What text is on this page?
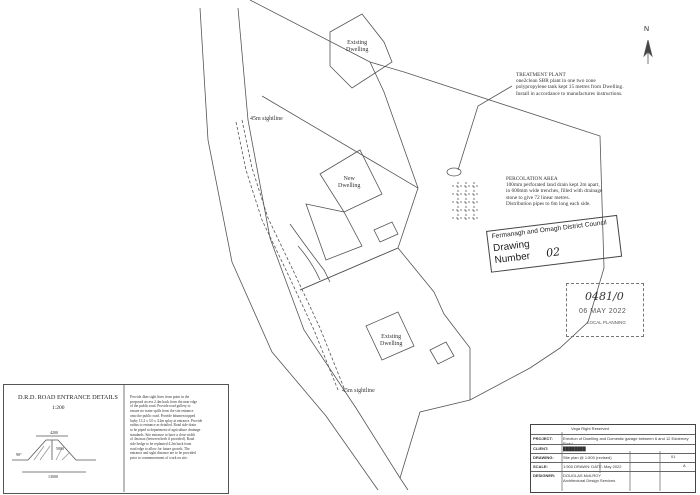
Existing
Dwelling
New
Dwelling
Existing
Dwelling
45m sightline
45m sightline
N
TREATMENT PLANT
one2clean SBR plant in one two zone
polypropylene tank kept 15 metres from Dwelling.
Install in accordance to manufactures instructions.
PERCOLATION AREA
100mm perforated land drain kept 2m apart,
in 600mm wide trenches, filled with drainage
stone to give 72 linear metres.
Distribution pipes to 6m long each side.
Fermanagh and Omagh District Council
Drawing
Number 02
0481/0
06 MAY 2022
LOCAL PLANNING
D.R.D. ROAD ENTRANCE DETAILS
1:200
Provide 4km sight lines from point in the
proposed access 2.4m back from the near edge
of the public road. Provide road gullery to
ensure no water spills from the site entrance
onto the public road. Provide bitumen topped
layby 13.2 x 3.0 x 4.2m splay at entrance. Provide
radius to entrance as detailed. Road side drain
to be piped to department of agriculture drainage
standards. Site entrance to have a clear width
of 4m max (between kerb if provided). Road
side hedge to be replanted 4.2m back from
road edge to allow for future growth. The
entrance and sight distance are to be provided
prior to commencement of work on site.
4200
5000
13000
90°
Vega Right Reserved
PROJECT:	Erection of Dwelling and Domestic garage between 6 and 12 Edderney Road
CLIENT:	████████
DRAWING: Site plan @ 1:500 (revised)
SCALE:	1:500 DRAWN: DATE: May 2022
DESIGNER: DOUGLAS McILROY
Architectural Design Services
01
A
